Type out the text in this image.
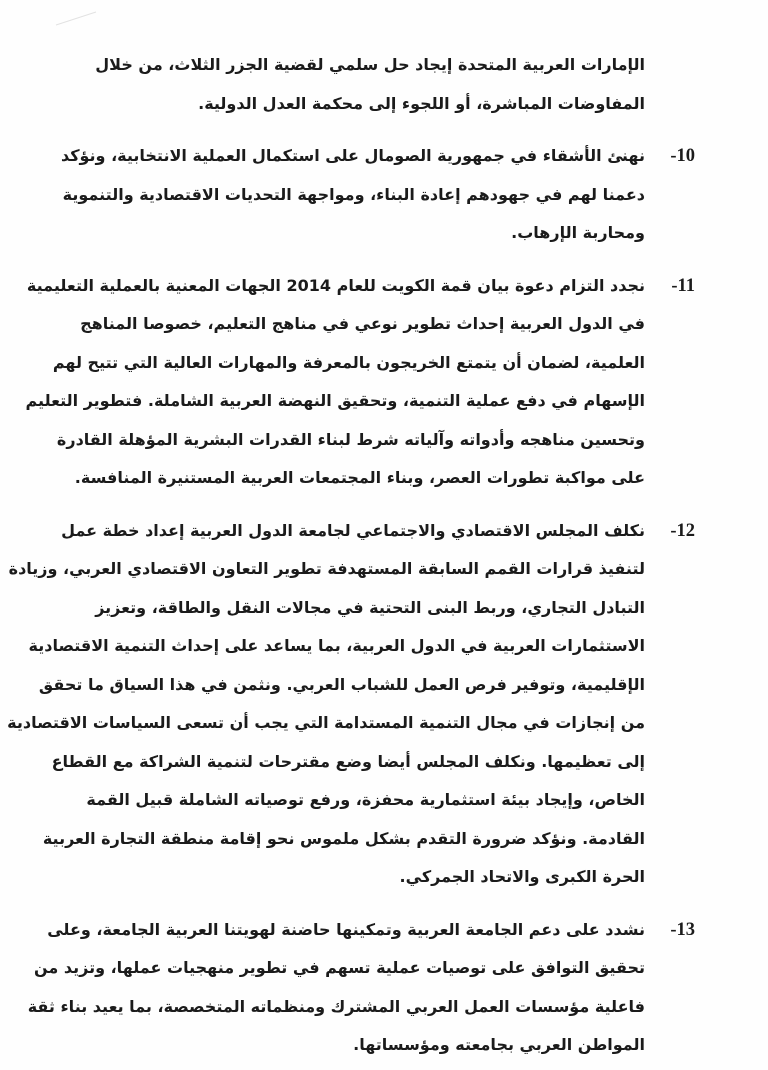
الإمارات العربية المتحدة إيجاد حل سلمي لقضية الجزر الثلاث، من خلال
المفاوضات المباشرة، أو اللجوء إلى محكمة العدل الدولية.
-10
نهنئ الأشقاء في جمهورية الصومال على استكمال العملية الانتخابية، ونؤكد
دعمنا لهم في جهودهم إعادة البناء، ومواجهة التحديات الاقتصادية والتنموية
ومحاربة الإرهاب.
-11
نجدد التزام دعوة بيان قمة الكويت للعام 2014 الجهات المعنية بالعملية التعليمية
في الدول العربية إحداث تطوير نوعي في مناهج التعليم، خصوصا المناهج
العلمية، لضمان أن يتمتع الخريجون بالمعرفة والمهارات العالية التي تتيح لهم
الإسهام في دفع عملية التنمية، وتحقيق النهضة العربية الشاملة. فتطوير التعليم
وتحسين مناهجه وأدواته وآلياته شرط لبناء القدرات البشرية المؤهلة القادرة
على مواكبة تطورات العصر، وبناء المجتمعات العربية المستنيرة المنافسة.
-12
نكلف المجلس الاقتصادي والاجتماعي لجامعة الدول العربية إعداد خطة عمل
لتنفيذ قرارات القمم السابقة المستهدفة تطوير التعاون الاقتصادي العربي، وزيادة
التبادل التجاري، وربط البنى التحتية في مجالات النقل والطاقة، وتعزيز
الاستثمارات العربية في الدول العربية، بما يساعد على إحداث التنمية الاقتصادية
الإقليمية، وتوفير فرص العمل للشباب العربي. ونثمن في هذا السياق ما تحقق
من إنجازات في مجال التنمية المستدامة التي يجب أن تسعى السياسات الاقتصادية
إلى تعظيمها. ونكلف المجلس أيضا وضع مقترحات لتنمية الشراكة مع القطاع
الخاص، وإيجاد بيئة استثمارية محفزة، ورفع توصياته الشاملة قبيل القمة
القادمة. ونؤكد ضرورة التقدم بشكل ملموس نحو إقامة منطقة التجارة العربية
الحرة الكبرى والاتحاد الجمركي.
-13
نشدد على دعم الجامعة العربية وتمكينها حاضنة لهويتنا العربية الجامعة، وعلى
تحقيق التوافق على توصيات عملية تسهم في تطوير منهجيات عملها، وتزيد من
فاعلية مؤسسات العمل العربي المشترك ومنظماته المتخصصة، بما يعيد بناء ثقة
المواطن العربي بجامعته ومؤسساتها.
